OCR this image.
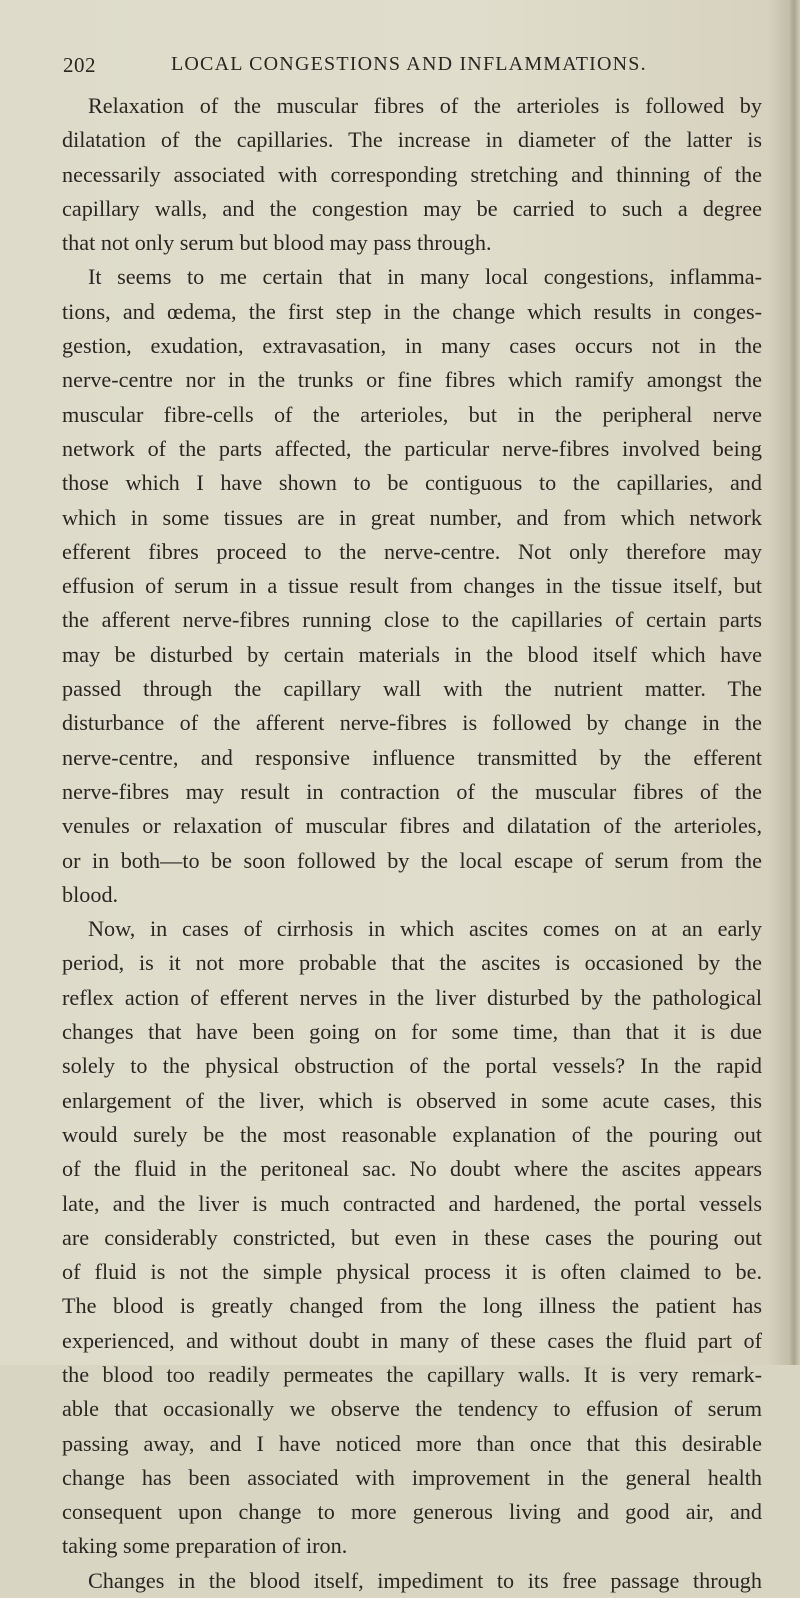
202	LOCAL CONGESTIONS AND INFLAMMATIONS.
Relaxation of the muscular fibres of the arterioles is followed by
dilatation of the capillaries. The increase in diameter of the latter is
necessarily associated with corresponding stretching and thinning of the
capillary walls, and the congestion may be carried to such a degree
that not only serum but blood may pass through.
It seems to me certain that in many local congestions, inflamma-
tions, and œdema, the first step in the change which results in conges-
gestion, exudation, extravasation, in many cases occurs not in the
nerve-centre nor in the trunks or fine fibres which ramify amongst the
muscular fibre-cells of the arterioles, but in the peripheral nerve
network of the parts affected, the particular nerve-fibres involved being
those which I have shown to be contiguous to the capillaries, and
which in some tissues are in great number, and from which network
efferent fibres proceed to the nerve-centre. Not only therefore may
effusion of serum in a tissue result from changes in the tissue itself, but
the afferent nerve-fibres running close to the capillaries of certain parts
may be disturbed by certain materials in the blood itself which have
passed through the capillary wall with the nutrient matter. The
disturbance of the afferent nerve-fibres is followed by change in the
nerve-centre, and responsive influence transmitted by the efferent
nerve-fibres may result in contraction of the muscular fibres of the
venules or relaxation of muscular fibres and dilatation of the arterioles,
or in both—to be soon followed by the local escape of serum from the
blood.
Now, in cases of cirrhosis in which ascites comes on at an early
period, is it not more probable that the ascites is occasioned by the
reflex action of efferent nerves in the liver disturbed by the pathological
changes that have been going on for some time, than that it is due
solely to the physical obstruction of the portal vessels? In the rapid
enlargement of the liver, which is observed in some acute cases, this
would surely be the most reasonable explanation of the pouring out
of the fluid in the peritoneal sac. No doubt where the ascites appears
late, and the liver is much contracted and hardened, the portal vessels
are considerably constricted, but even in these cases the pouring out
of fluid is not the simple physical process it is often claimed to be.
The blood is greatly changed from the long illness the patient has
experienced, and without doubt in many of these cases the fluid part of
the blood too readily permeates the capillary walls. It is very remark-
able that occasionally we observe the tendency to effusion of serum
passing away, and I have noticed more than once that this desirable
change has been associated with improvement in the general health
consequent upon change to more generous living and good air, and
taking some preparation of iron.
Changes in the blood itself, impediment to its free passage through
